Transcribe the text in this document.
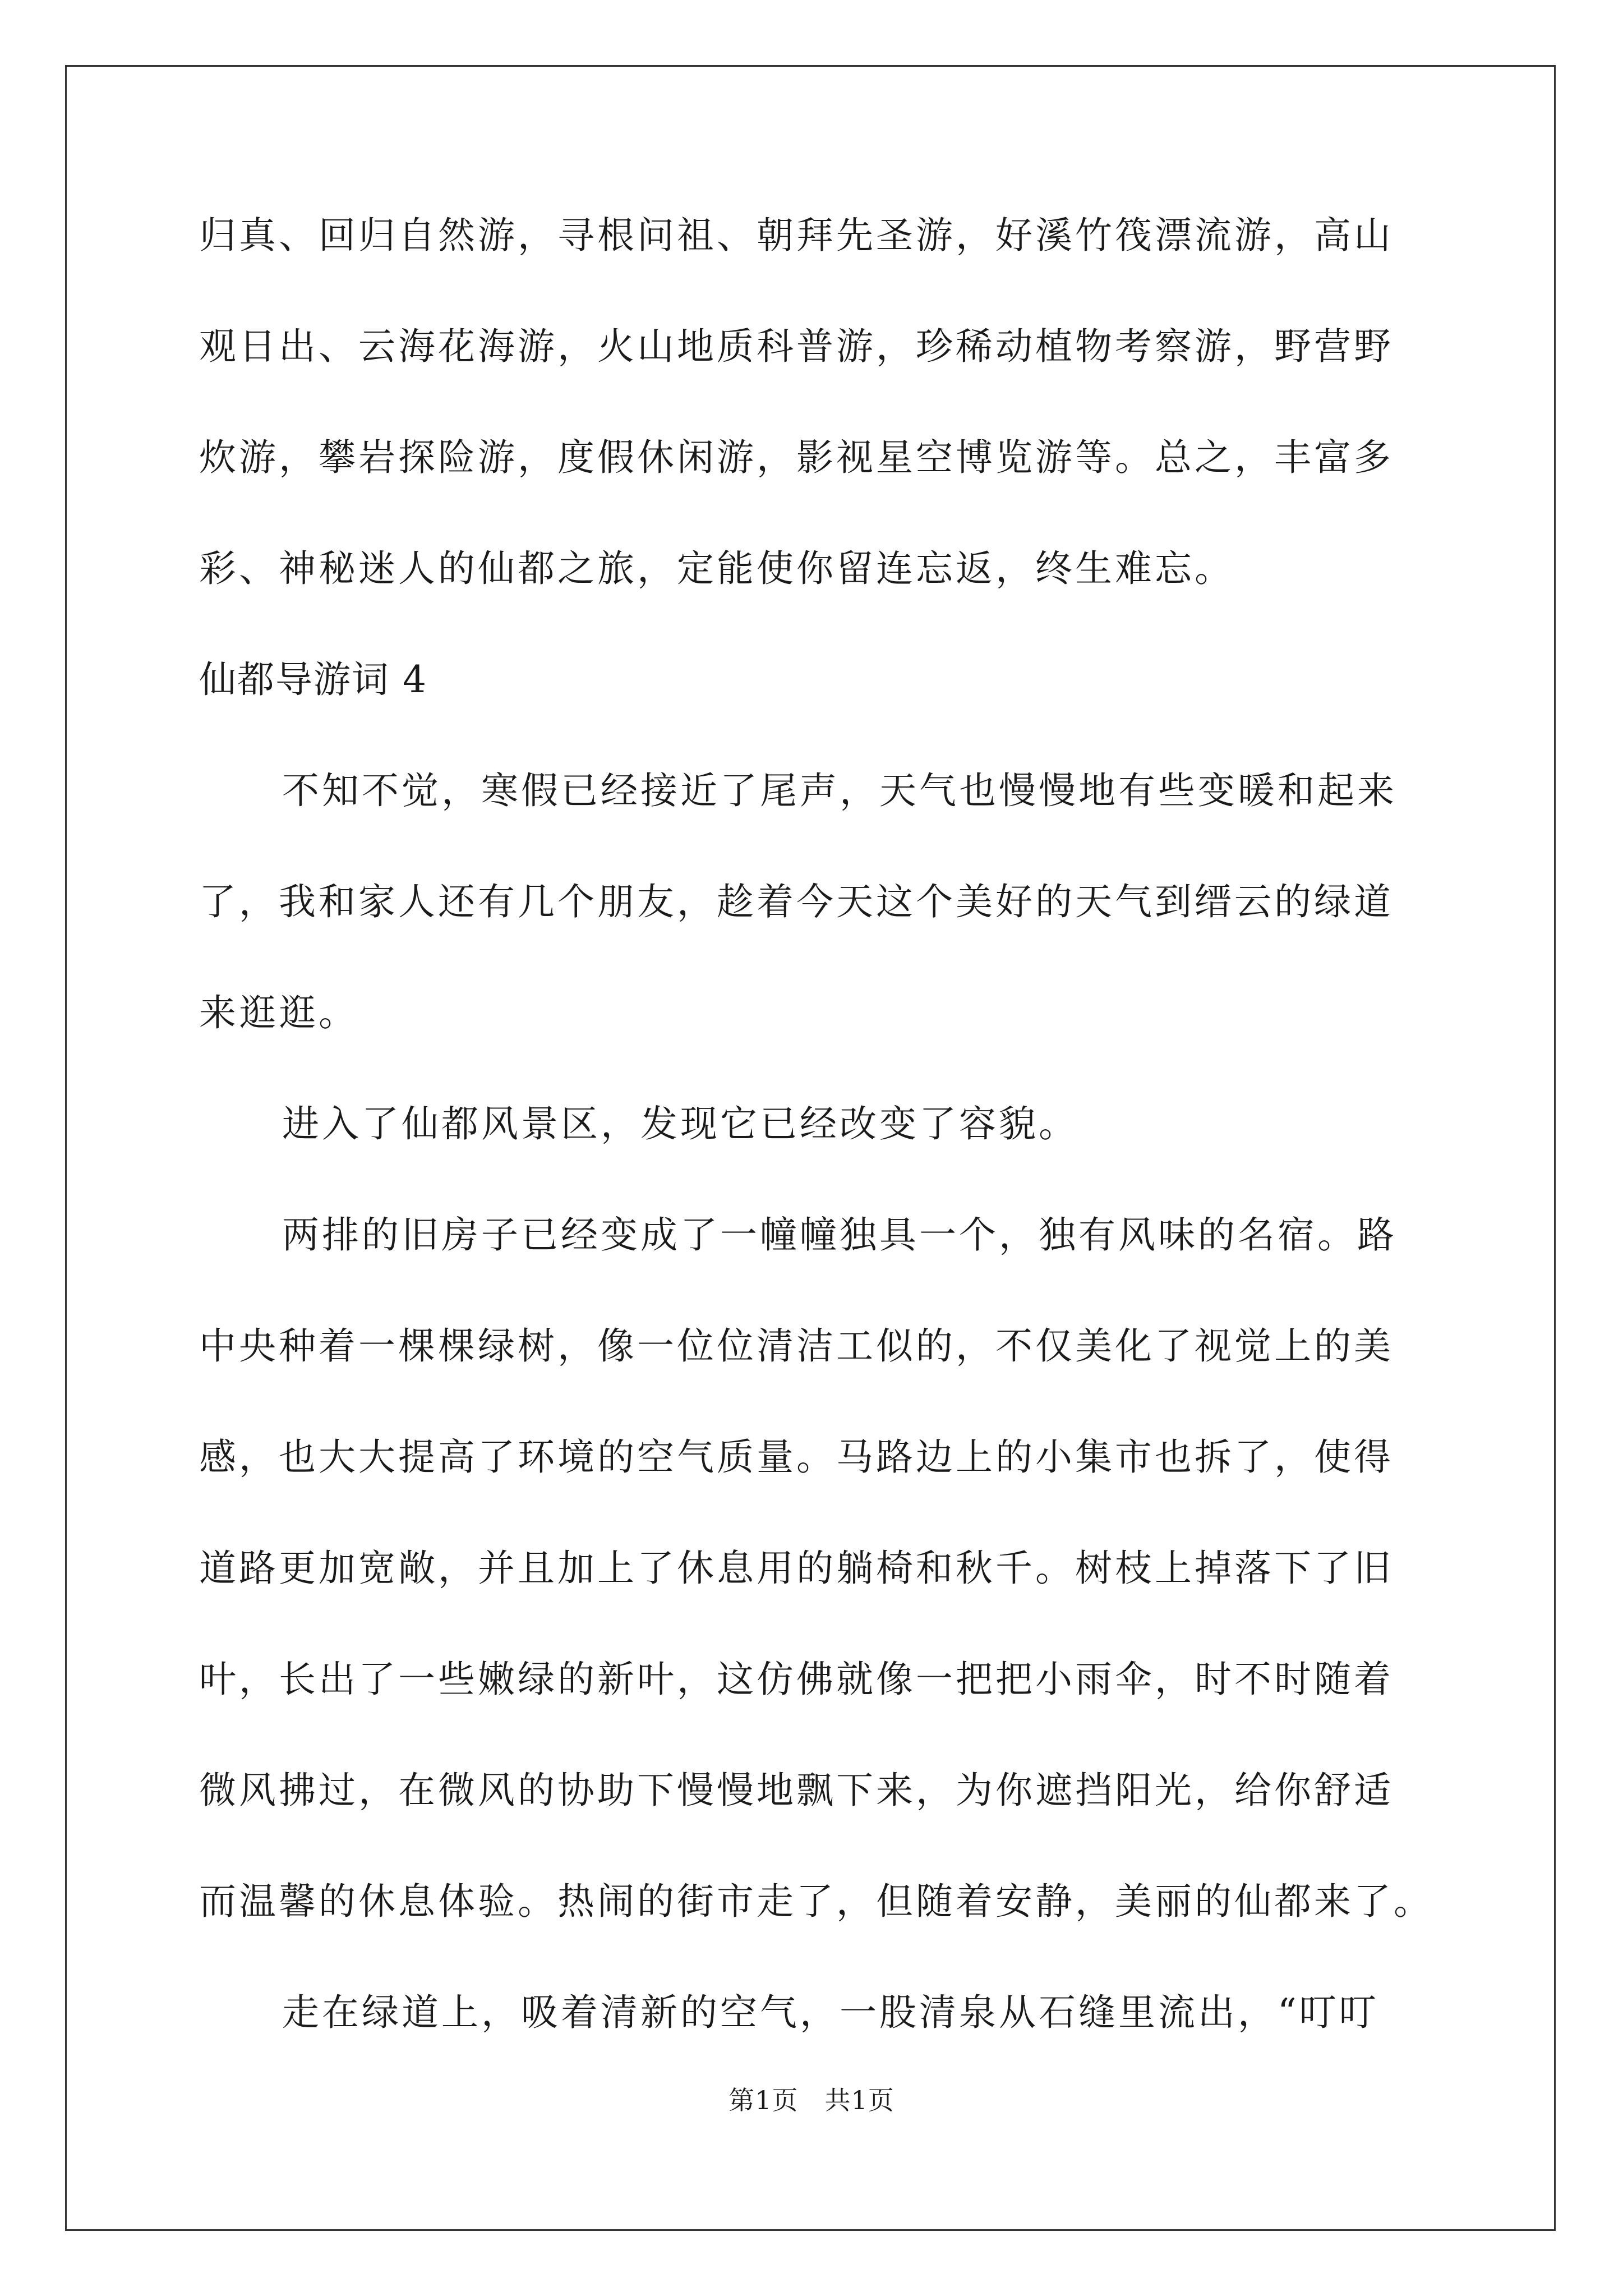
归真、回归自然游，寻根问祖、朝拜先圣游，好溪竹筏漂流游，高山
观日出、云海花海游，火山地质科普游，珍稀动植物考察游，野营野
炊游，攀岩探险游，度假休闲游，影视星空博览游等。总之，丰富多
彩、神秘迷人的仙都之旅，定能使你留连忘返，终生难忘。
仙都导游词 4
不知不觉，寒假已经接近了尾声，天气也慢慢地有些变暖和起来
了，我和家人还有几个朋友，趁着今天这个美好的天气到缙云的绿道
来逛逛。
进入了仙都风景区，发现它已经改变了容貌。
两排的旧房子已经变成了一幢幢独具一个，独有风味的名宿。路
中央种着一棵棵绿树，像一位位清洁工似的，不仅美化了视觉上的美
感，也大大提高了环境的空气质量。马路边上的小集市也拆了，使得
道路更加宽敞，并且加上了休息用的躺椅和秋千。树枝上掉落下了旧
叶，长出了一些嫩绿的新叶，这仿佛就像一把把小雨伞，时不时随着
微风拂过，在微风的协助下慢慢地飘下来，为你遮挡阳光，给你舒适
而温馨的休息体验。热闹的街市走了，但随着安静，美丽的仙都来了。
走在绿道上，吸着清新的空气，一股清泉从石缝里流出，“叮叮
第1页　共1页
